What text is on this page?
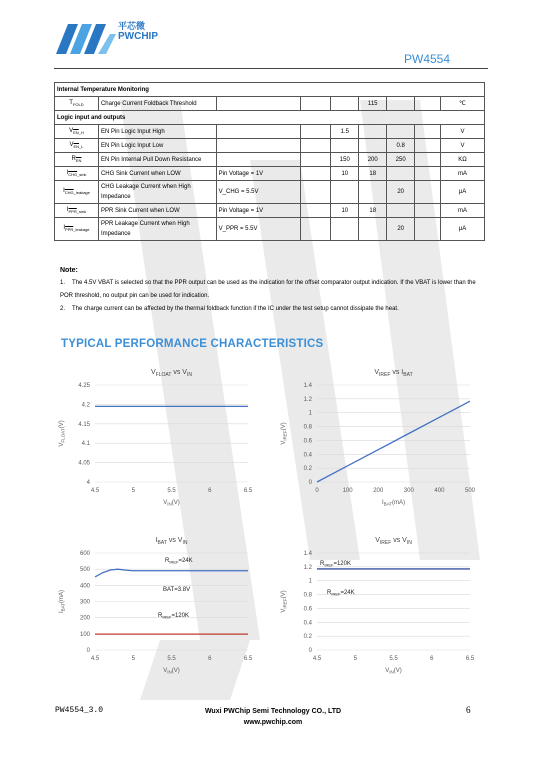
平芯微
PWCHIP
PW4554
Internal Temperature Monitoring								
$T_{FOLD}$	Charge Current Foldback Threshold				115			℃
Logic input and outputs								
$V_{\overline{EN}\_H}$	EN Pin Logic Input High			1.5				V
$V_{\overline{EN}\_L}$	EN Pin Logic Input Low					0.8		V
$R_{\overline{EN}}$	EN Pin Internal Pull Down Resistance			150	200	250		KΩ
$I_{\overline{CHG}\_sink}$	CHG Sink Current when LOW	Pin Voltage = 1V		10	18			mA
$I_{\overline{CHG}\_leakage}$	CHG Leakage Current when High Impedance	V_CHG = 5.5V				20		μA
$I_{\overline{PPR}\_sink}$	PPR Sink Current when LOW	Pin Voltage = 1V		10	18			mA
$I_{\overline{PPR}\_leakage}$	PPR Leakage Current when High Impedance	V_PPR = 5.5V				20		μA
Note:
1. The 4.5V VBAT is selected so that the PPR output can be used as the indication for the offset comparator output indication. If the VBAT is lower than the POR threshold, no output pin can be used for indication.
2. The charge current can be affected by the thermal foldback function if the IC under the test setup cannot dissipate the heat.
TYPICAL PERFORMANCE CHARACTERISTICS
$V_{FLOAT}$ vs $V_{IN}$
4
4.05
4.1
4.15
4.2
4.25
4.5	5	5.5	6	6.5
$V_{IN}(V)$
$V_{FLOAT}(V)$
$V_{IREF}$ vs $I_{BAT}$
0
0.2
0.4
0.6
0.8
1
1.2
1.4
0	100	200	300	400	500
$I_{BAT}(mA)$
$V_{IREF}(V)$
$I_{BAT}$ vs $V_{IN}$
0
100
200
300
400
500
600
4.5	5	5.5	6	6.5
$V_{IN}(V)$
$I_{BAT}(mA)$
$R_{IREF}=24K$
BAT=3.8V
$R_{IREF}=120K$
$V_{IREF}$ vs $V_{IN}$
0
0.2
0.4
0.6
0.8
1
1.2
1.4
4.5	5	5.5	6	6.5
$V_{IN}(V)$
$V_{IREF}(V)$
$R_{IREF}=120K$
$R_{IREF}=24K$
PW4554_3.0	Wuxi PWChip Semi Technology CO., LTD
www.pwchip.com
6
